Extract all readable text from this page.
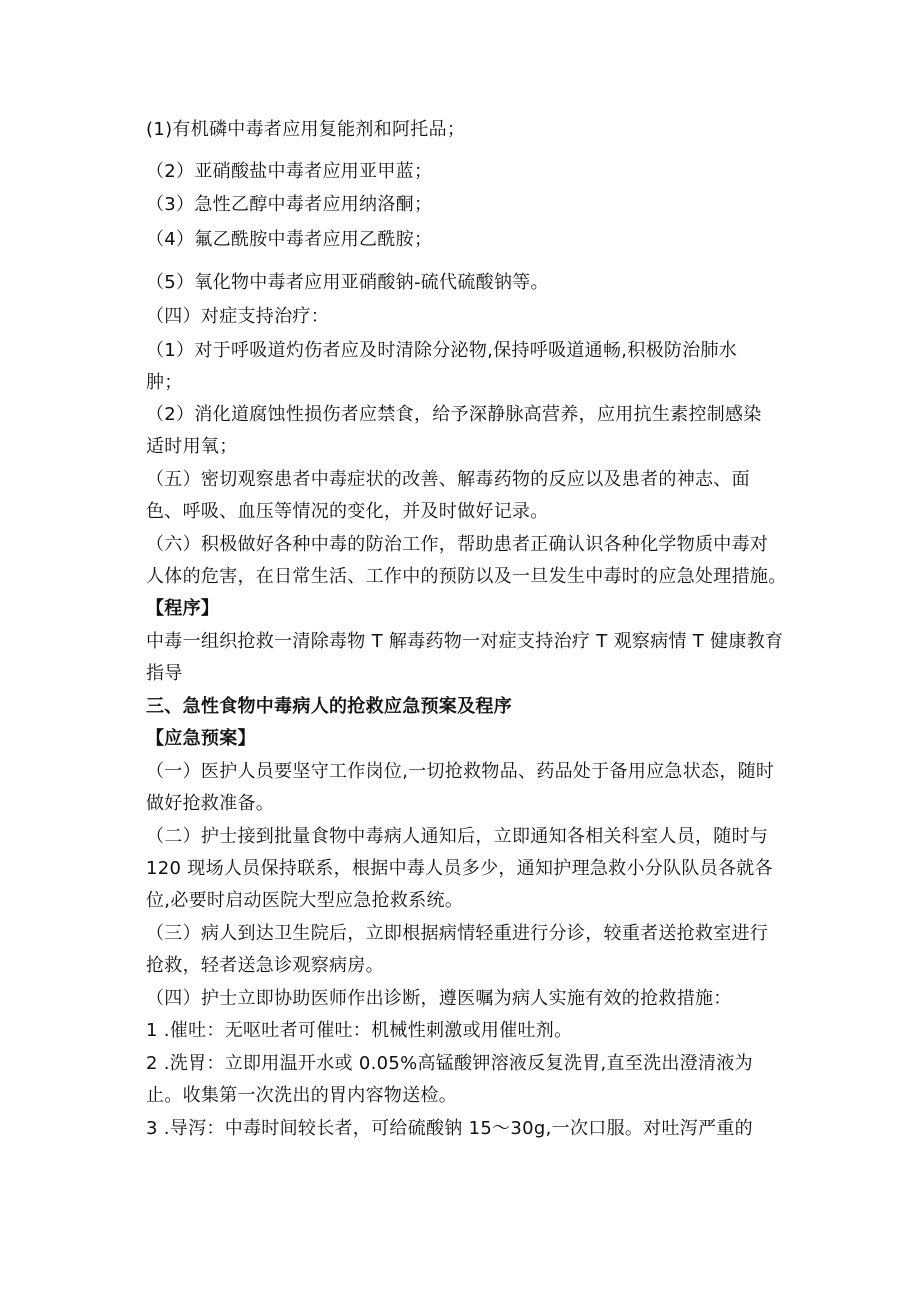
(1)有机磷中毒者应用复能剂和阿托品；
（2）亚硝酸盐中毒者应用亚甲蓝；
（3）急性乙醇中毒者应用纳洛酮；
（4）氟乙酰胺中毒者应用乙酰胺；
（5）氧化物中毒者应用亚硝酸钠-硫代硫酸钠等。
（四）对症支持治疗：
（1）对于呼吸道灼伤者应及时清除分泌物,保持呼吸道通畅,积极防治肺水
肿；
（2）消化道腐蚀性损伤者应禁食，给予深静脉高营养，应用抗生素控制感染
适时用氧；
（五）密切观察患者中毒症状的改善、解毒药物的反应以及患者的神志、面
色、呼吸、血压等情况的变化，并及时做好记录。
（六）积极做好各种中毒的防治工作，帮助患者正确认识各种化学物质中毒对
人体的危害，在日常生活、工作中的预防以及一旦发生中毒时的应急处理措施。
【程序】
中毒一组织抢救一清除毒物 T 解毒药物一对症支持治疗 T 观察病情 T 健康教育
指导
三、急性食物中毒病人的抢救应急预案及程序
【应急预案】
（一）医护人员要坚守工作岗位,一切抢救物品、药品处于备用应急状态，随时
做好抢救准备。
（二）护士接到批量食物中毒病人通知后，立即通知各相关科室人员，随时与
120 现场人员保持联系，根据中毒人员多少，通知护理急救小分队队员各就各
位,必要时启动医院大型应急抢救系统。
（三）病人到达卫生院后，立即根据病情轻重进行分诊，较重者送抢救室进行
抢救，轻者送急诊观察病房。
（四）护士立即协助医师作出诊断，遵医嘱为病人实施有效的抢救措施：
1 .催吐：无呕吐者可催吐：机械性刺激或用催吐剂。
2 .洗胃：立即用温开水或 0.05%高锰酸钾溶液反复洗胃,直至洗出澄清液为
止。收集第一次洗出的胃内容物送检。
3 .导泻：中毒时间较长者，可给硫酸钠 15～30g,一次口服。对吐泻严重的
